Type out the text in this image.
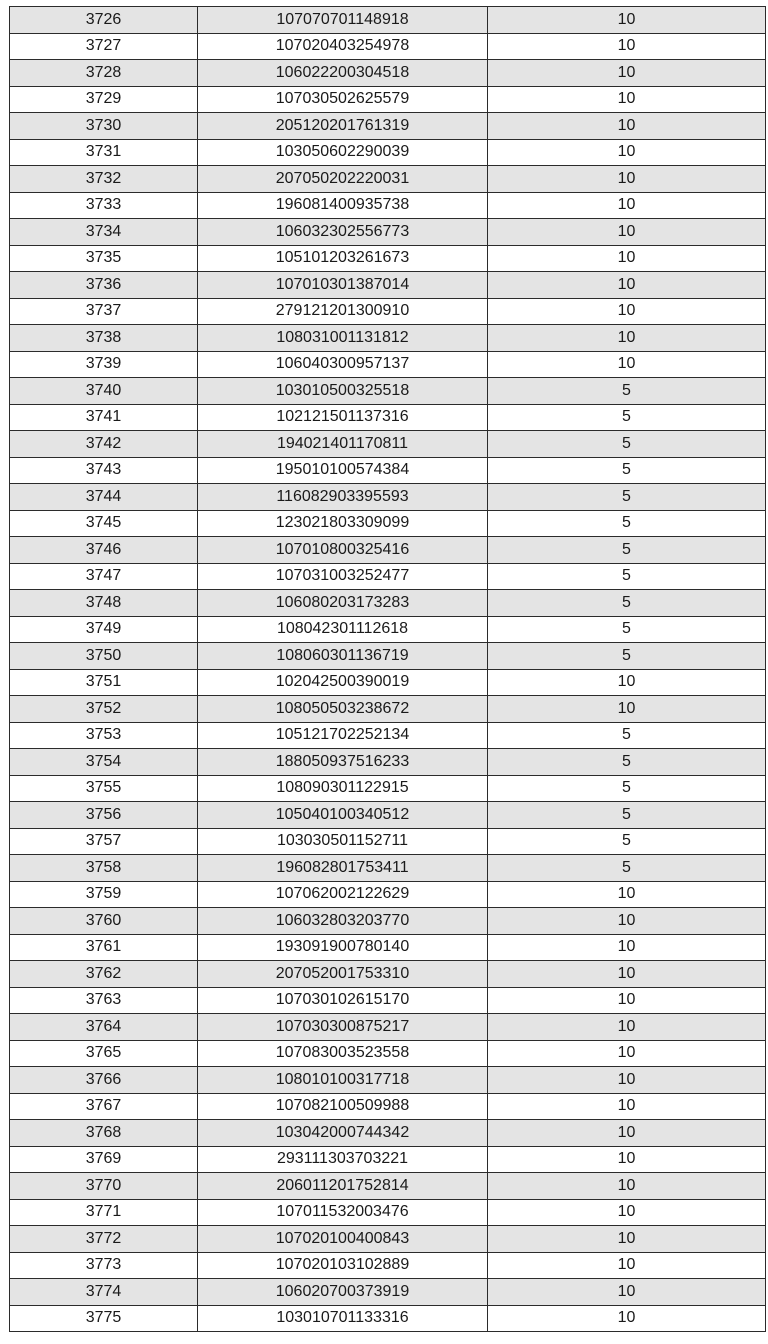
3726	107070701148918	10
3727	107020403254978	10
3728	106022200304518	10
3729	107030502625579	10
3730	205120201761319	10
3731	103050602290039	10
3732	207050202220031	10
3733	196081400935738	10
3734	106032302556773	10
3735	105101203261673	10
3736	107010301387014	10
3737	279121201300910	10
3738	108031001131812	10
3739	106040300957137	10
3740	103010500325518	5
3741	102121501137316	5
3742	194021401170811	5
3743	195010100574384	5
3744	116082903395593	5
3745	123021803309099	5
3746	107010800325416	5
3747	107031003252477	5
3748	106080203173283	5
3749	108042301112618	5
3750	108060301136719	5
3751	102042500390019	10
3752	108050503238672	10
3753	105121702252134	5
3754	188050937516233	5
3755	108090301122915	5
3756	105040100340512	5
3757	103030501152711	5
3758	196082801753411	5
3759	107062002122629	10
3760	106032803203770	10
3761	193091900780140	10
3762	207052001753310	10
3763	107030102615170	10
3764	107030300875217	10
3765	107083003523558	10
3766	108010100317718	10
3767	107082100509988	10
3768	103042000744342	10
3769	293111303703221	10
3770	206011201752814	10
3771	107011532003476	10
3772	107020100400843	10
3773	107020103102889	10
3774	106020700373919	10
3775	103010701133316	10
